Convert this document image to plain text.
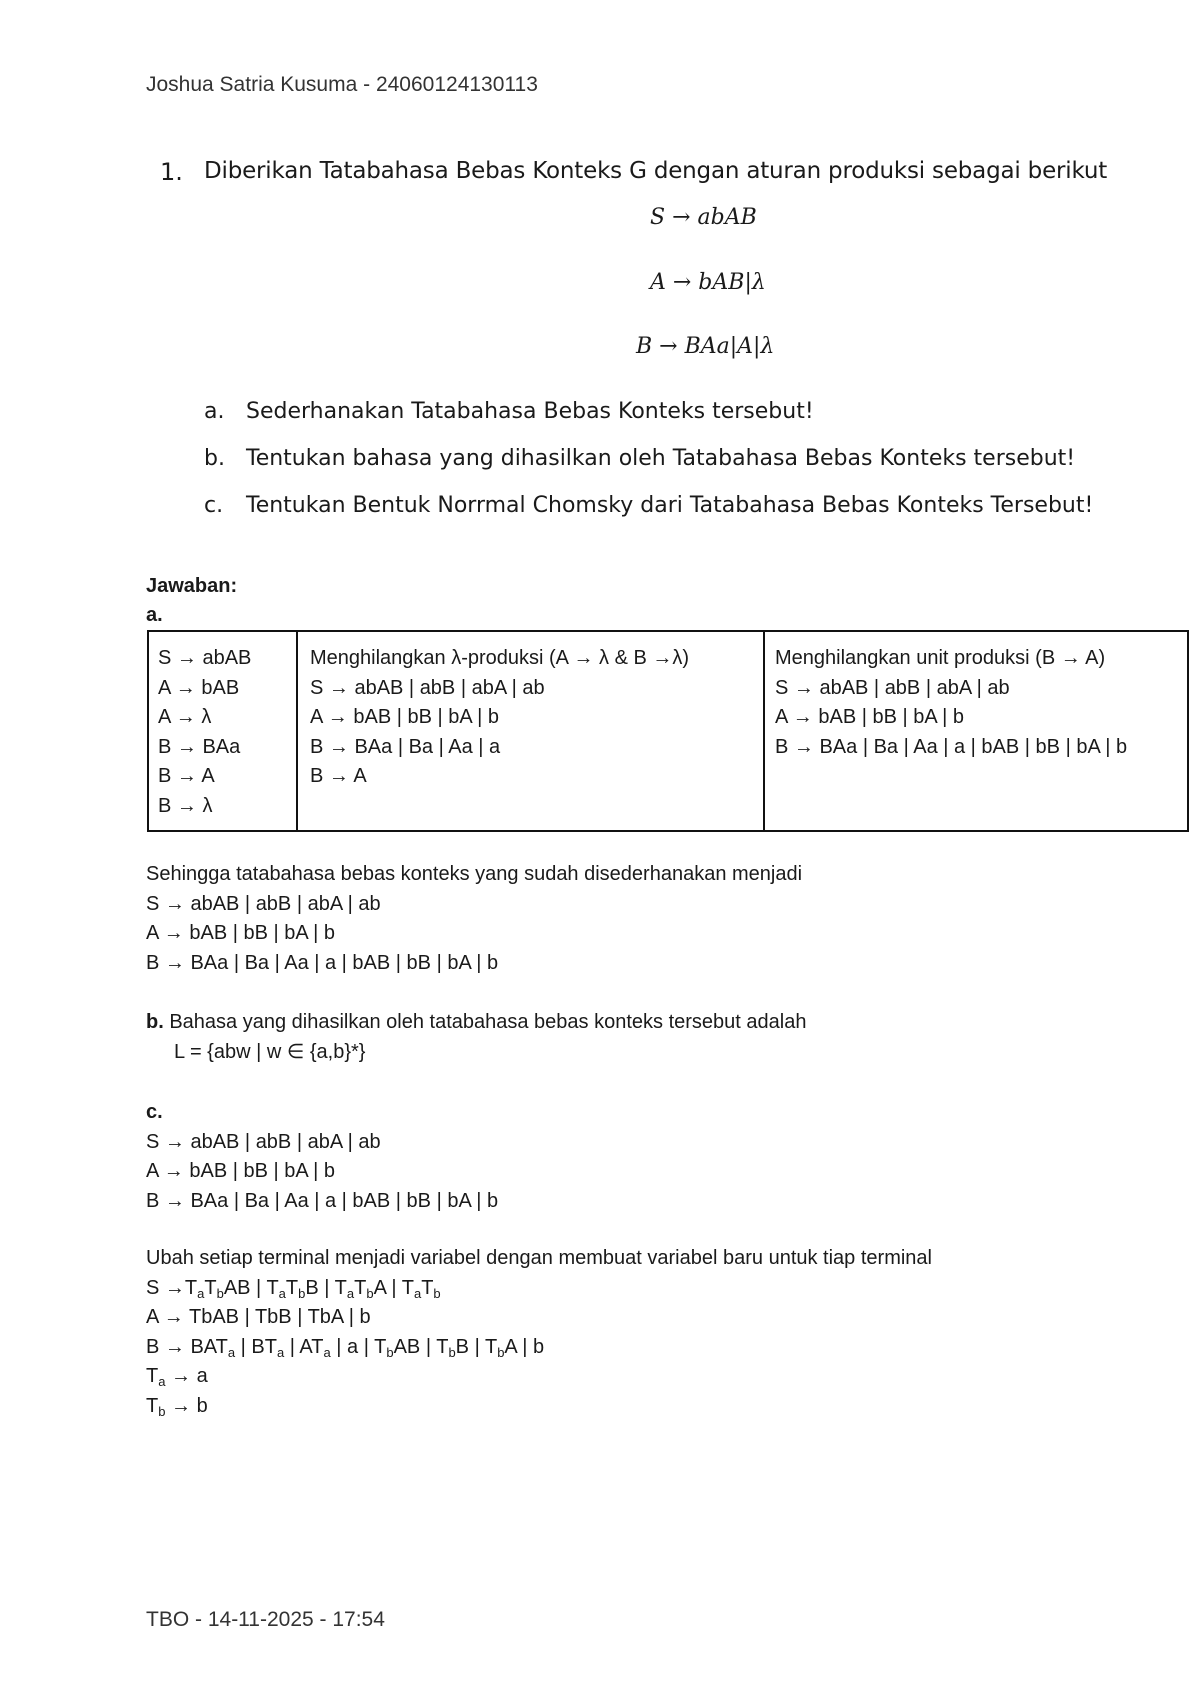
Joshua Satria Kusuma - 24060124130113
1. Diberikan Tatabahasa Bebas Konteks G dengan aturan produksi sebagai berikut
S → abAB
A → bAB|λ
B → BAa|A|λ
a. Sederhanakan Tatabahasa Bebas Konteks tersebut!
b. Tentukan bahasa yang dihasilkan oleh Tatabahasa Bebas Konteks tersebut!
c. Tentukan Bentuk Norrmal Chomsky dari Tatabahasa Bebas Konteks Tersebut!
Jawaban:
a.
S → abAB
A → bAB
A → λ
B → BAa
B → A
B → λ

Menghilangkan λ-produksi (A → λ & B →λ)
S → abAB | abB | abA | ab
A → bAB | bB | bA | b
B → BAa | Ba | Aa | a
B → A

Menghilangkan unit produksi (B → A)
S → abAB | abB | abA | ab
A → bAB | bB | bA | b
B → BAa | Ba | Aa | a | bAB | bB | bA | b
Sehingga tatabahasa bebas konteks yang sudah disederhanakan menjadi
S → abAB | abB | abA | ab
A → bAB | bB | bA | b
B → BAa | Ba | Aa | a | bAB | bB | bA | b
b. Bahasa yang dihasilkan oleh tatabahasa bebas konteks tersebut adalah
L = {abw | w ∈ {a,b}*}
c.
S → abAB | abB | abA | ab
A → bAB | bB | bA | b
B → BAa | Ba | Aa | a | bAB | bB | bA | b
Ubah setiap terminal menjadi variabel dengan membuat variabel baru untuk tiap terminal
$S \to T_aT_bAB$ | $T_aT_bB$ | $T_aT_bA$ | $T_aT_b$
A → TbAB | TbB | TbA | b
$B \to BAT_a$ | $BT_a$ | $AT_a$ | a | $T_bAB$ | $T_bB$ | $T_bA$ | b
$T_a \to a$
$T_b \to b$
TBO - 14-11-2025 - 17:54
